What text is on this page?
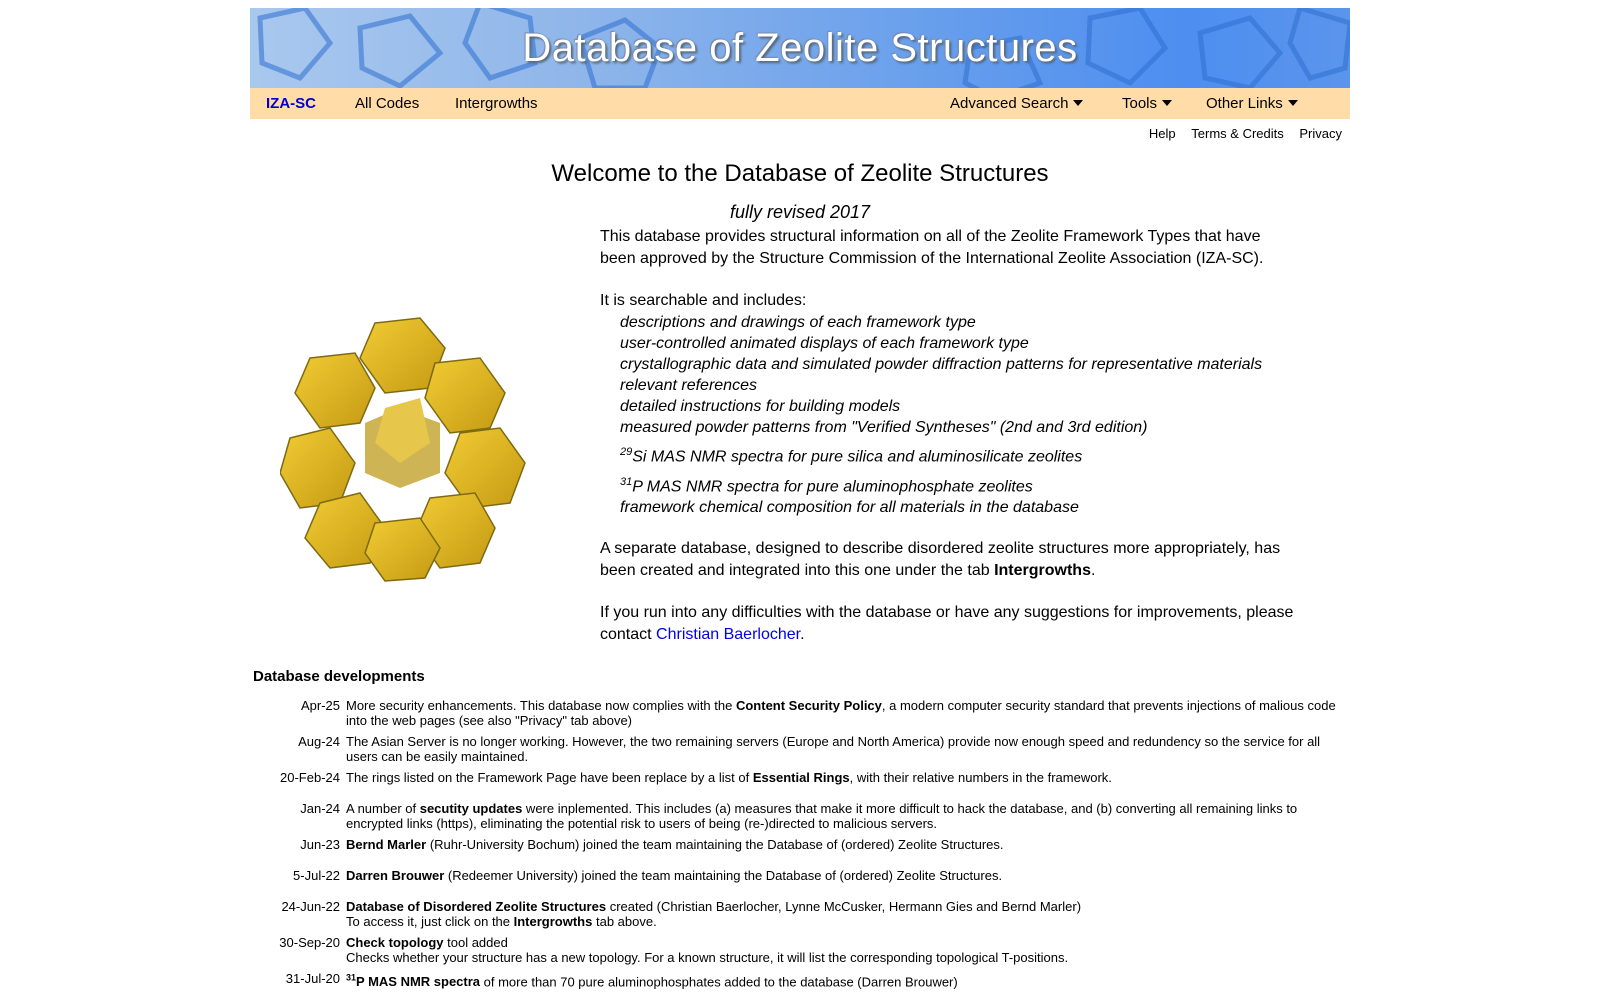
Database of Zeolite Structures
IZA-SC	All Codes Intergrowths	Advanced Search	Tools	Other Links
Help Terms & Credits Privacy
Welcome to the Database of Zeolite Structures
fully revised 2017

This database provides structural information on all of the Zeolite Framework Types that have been approved by the Structure Commission of the International Zeolite Association (IZA-SC).

It is searchable and includes:
descriptions and drawings of each framework type
user-controlled animated displays of each framework type
crystallographic data and simulated powder diffraction patterns for representative materials
relevant references
detailed instructions for building models
measured powder patterns from "Verified Syntheses" (2nd and 3rd edition)
$^{29}$Si MAS NMR spectra for pure silica and aluminosilicate zeolites
$^{31}$P MAS NMR spectra for pure aluminophosphate zeolites
framework chemical composition for all materials in the database

A separate database, designed to describe disordered zeolite structures more appropriately, has been created and integrated into this one under the tab Intergrowths.

If you run into any difficulties with the database or have any suggestions for improvements, please contact Christian Baerlocher.

Database developments
Apr-25	More security enhancements. This database now complies with the Content Security Policy, a modern computer security standard that prevents injections of malious code into the web pages (see also "Privacy" tab above)
Aug-24	The Asian Server is no longer working. However, the two remaining servers (Europe and North America) provide now enough speed and redundency so the service for all users can be easily maintained.
20-Feb-24	The rings listed on the Framework Page have been replace by a list of Essential Rings, with their relative numbers in the framework.
Jan-24	A number of secutity updates were inplemented. This includes (a) measures that make it more difficult to hack the database, and (b) converting all remaining links to encrypted links (https), eliminating the potential risk to users of being (re-)directed to malicious servers.
Jun-23	Bernd Marler (Ruhr-University Bochum) joined the team maintaining the Database of (ordered) Zeolite Structures.
5-Jul-22	Darren Brouwer (Redeemer University) joined the team maintaining the Database of (ordered) Zeolite Structures.
24-Jun-22	Database of Disordered Zeolite Structures created (Christian Baerlocher, Lynne McCusker, Hermann Gies and Bernd Marler)
To access it, just click on the Intergrowths tab above.
30-Sep-20	Check topology tool added
Checks whether your structure has a new topology. For a known structure, it will list the corresponding topological T-positions.
31-Jul-20	$^{31}$P MAS NMR spectra of more than 70 pure aluminophosphates added to the database (Darren Brouwer)
